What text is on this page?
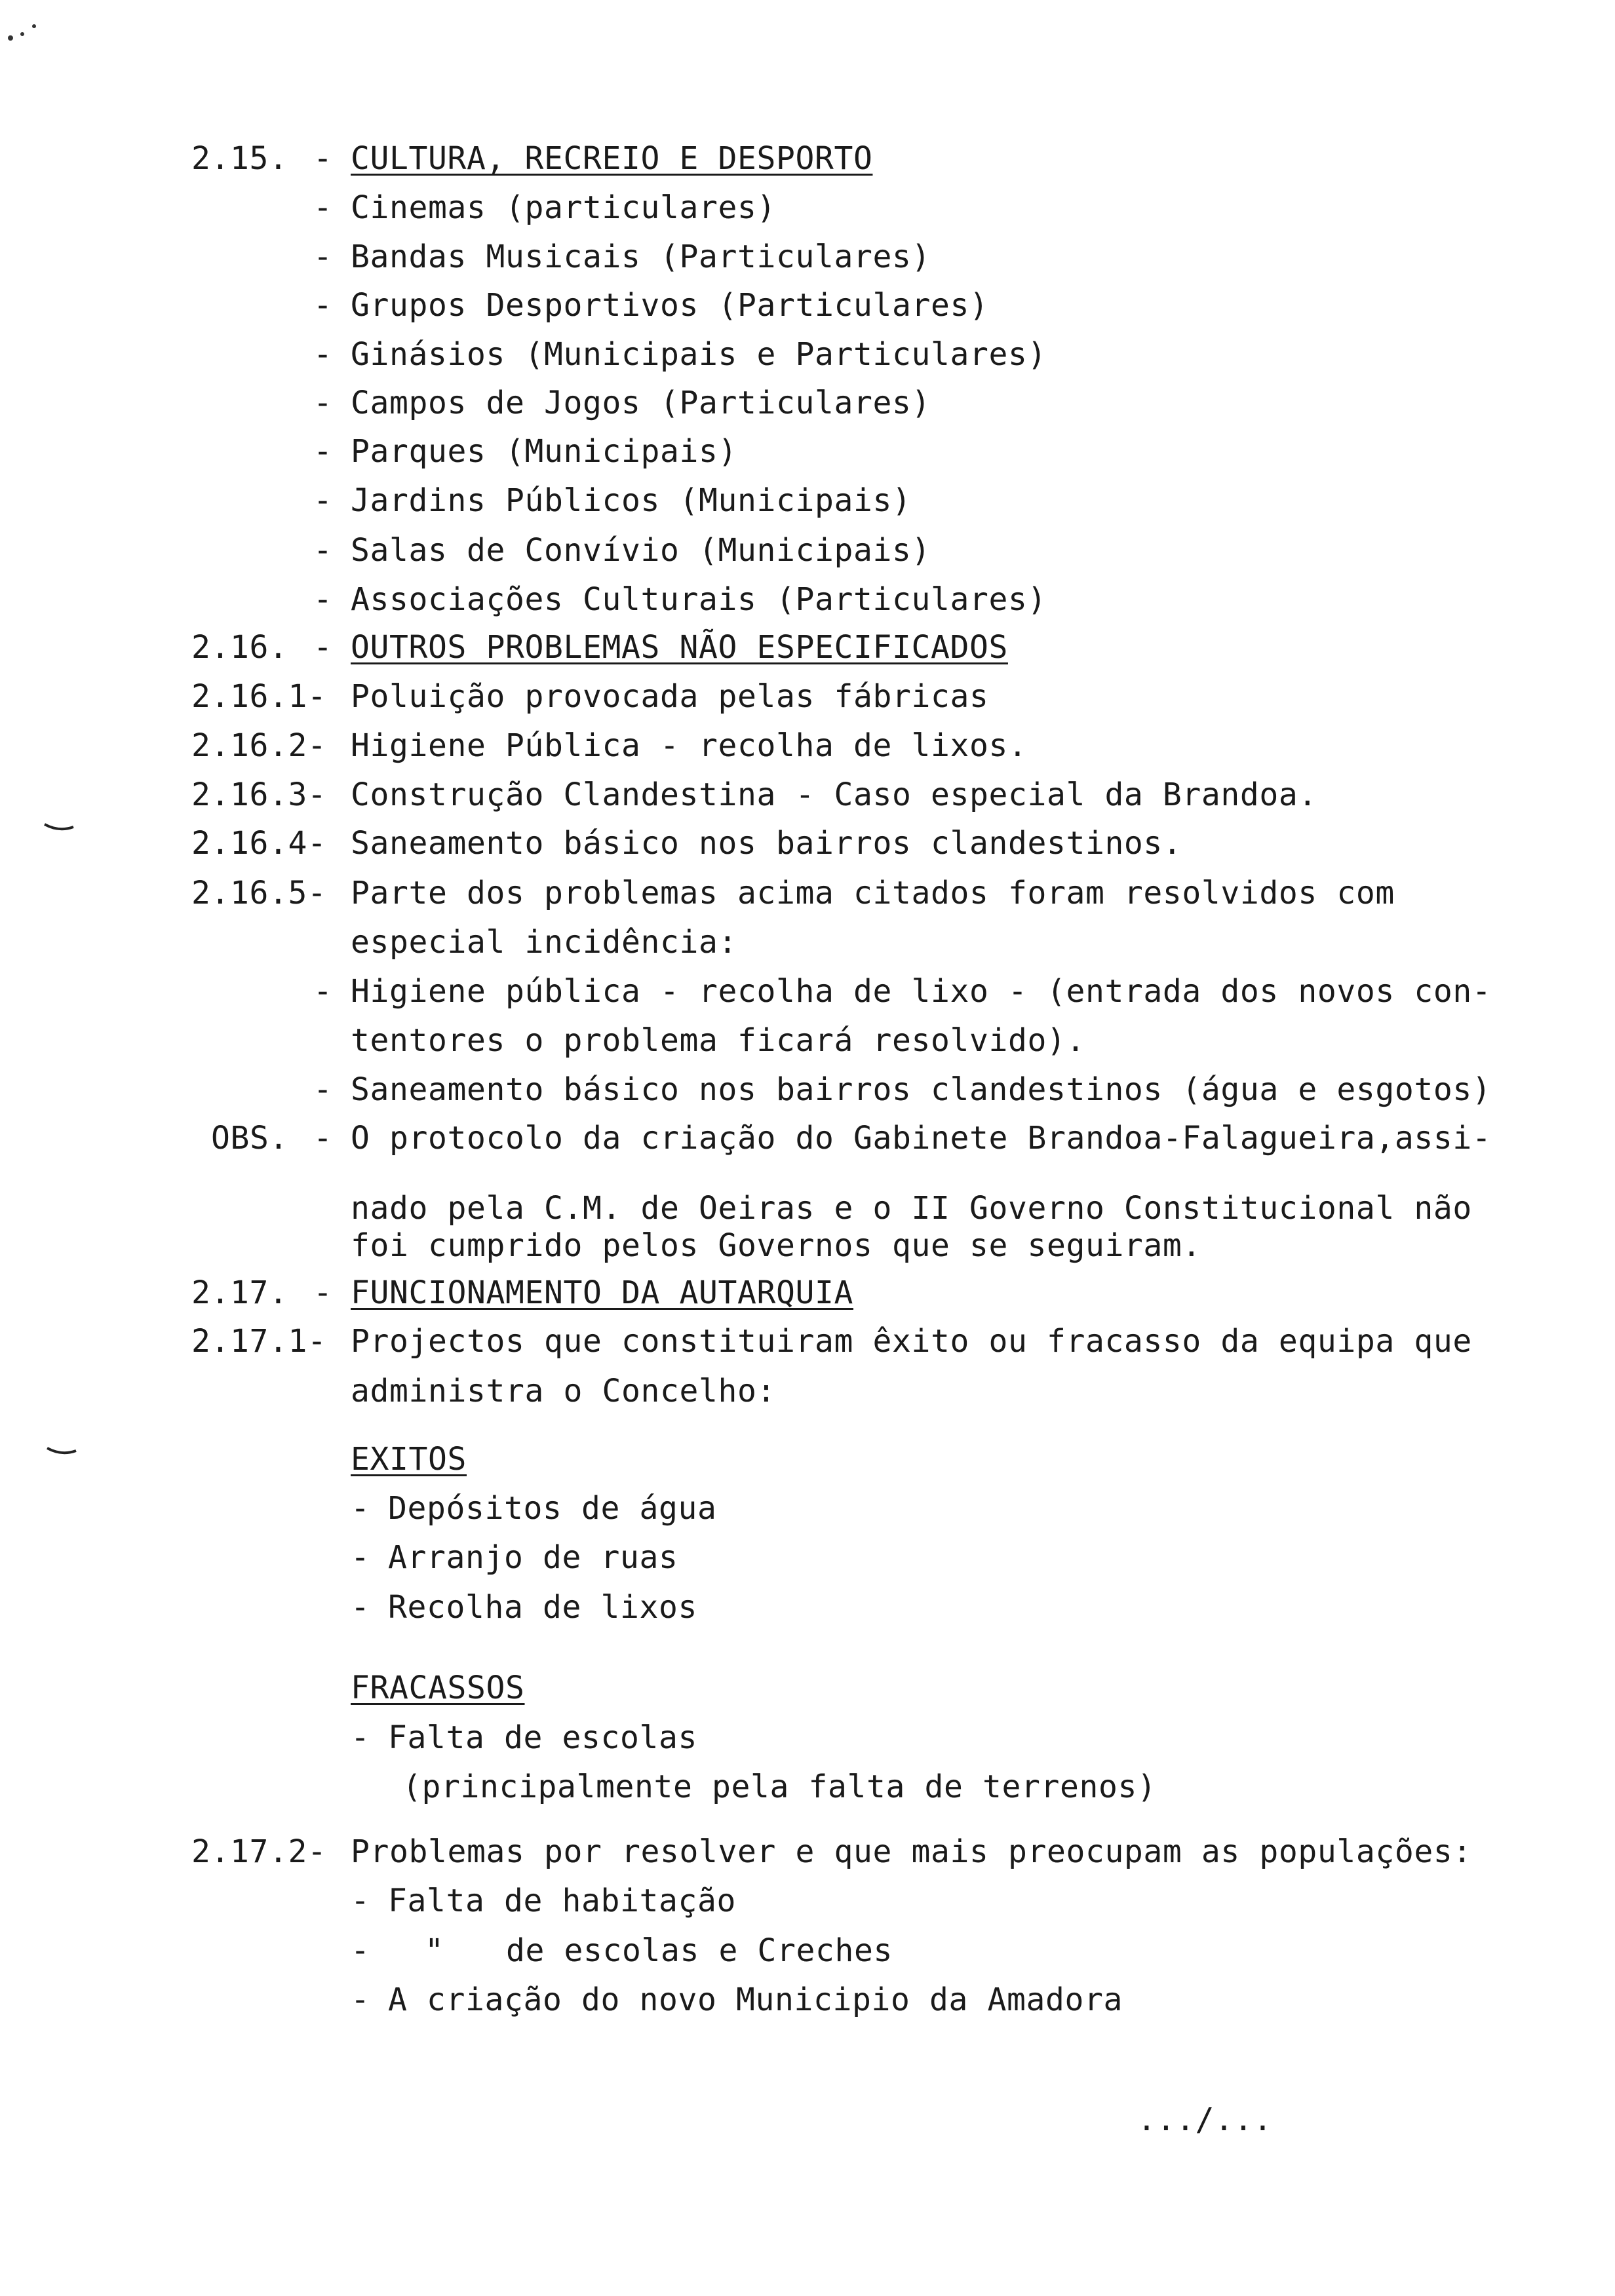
2.15. - CULTURA, RECREIO E DESPORTO
- Cinemas (particulares)
- Bandas Musicais (Particulares)
- Grupos Desportivos (Particulares)
- Ginásios (Municipais e Particulares)
- Campos de Jogos (Particulares)
- Parques (Municipais)
- Jardins Públicos (Municipais)
- Salas de Convívio (Municipais)
- Associações Culturais (Particulares)
2.16. - OUTROS PROBLEMAS NÃO ESPECIFICADOS
2.16.1- Poluição provocada pelas fábricas
2.16.2- Higiene Pública - recolha de lixos.
2.16.3- Construção Clandestina - Caso especial da Brandoa.
2.16.4- Saneamento básico nos bairros clandestinos.
2.16.5- Parte dos problemas acima citados foram resolvidos com
especial incidência:
- Higiene pública - recolha de lixo - (entrada dos novos con-
tentores o problema ficará resolvido).
- Saneamento básico nos bairros clandestinos (água e esgotos)
OBS. - O protocolo da criação do Gabinete Brandoa-Falagueira,assi-
nado pela C.M. de Oeiras e o II Governo Constitucional não
foi cumprido pelos Governos que se seguiram.
2.17. - FUNCIONAMENTO DA AUTARQUIA
2.17.1- Projectos que constituiram êxito ou fracasso da equipa que
administra o Concelho:
EXITOS
- Depósitos de água
- Arranjo de ruas
- Recolha de lixos
FRACASSOS
- Falta de escolas
(principalmente pela falta de terrenos)
2.17.2- Problemas por resolver e que mais preocupam as populações:
- Falta de habitação
- " de escolas e Creches
- A criação do novo Municipio da Amadora
.../...
